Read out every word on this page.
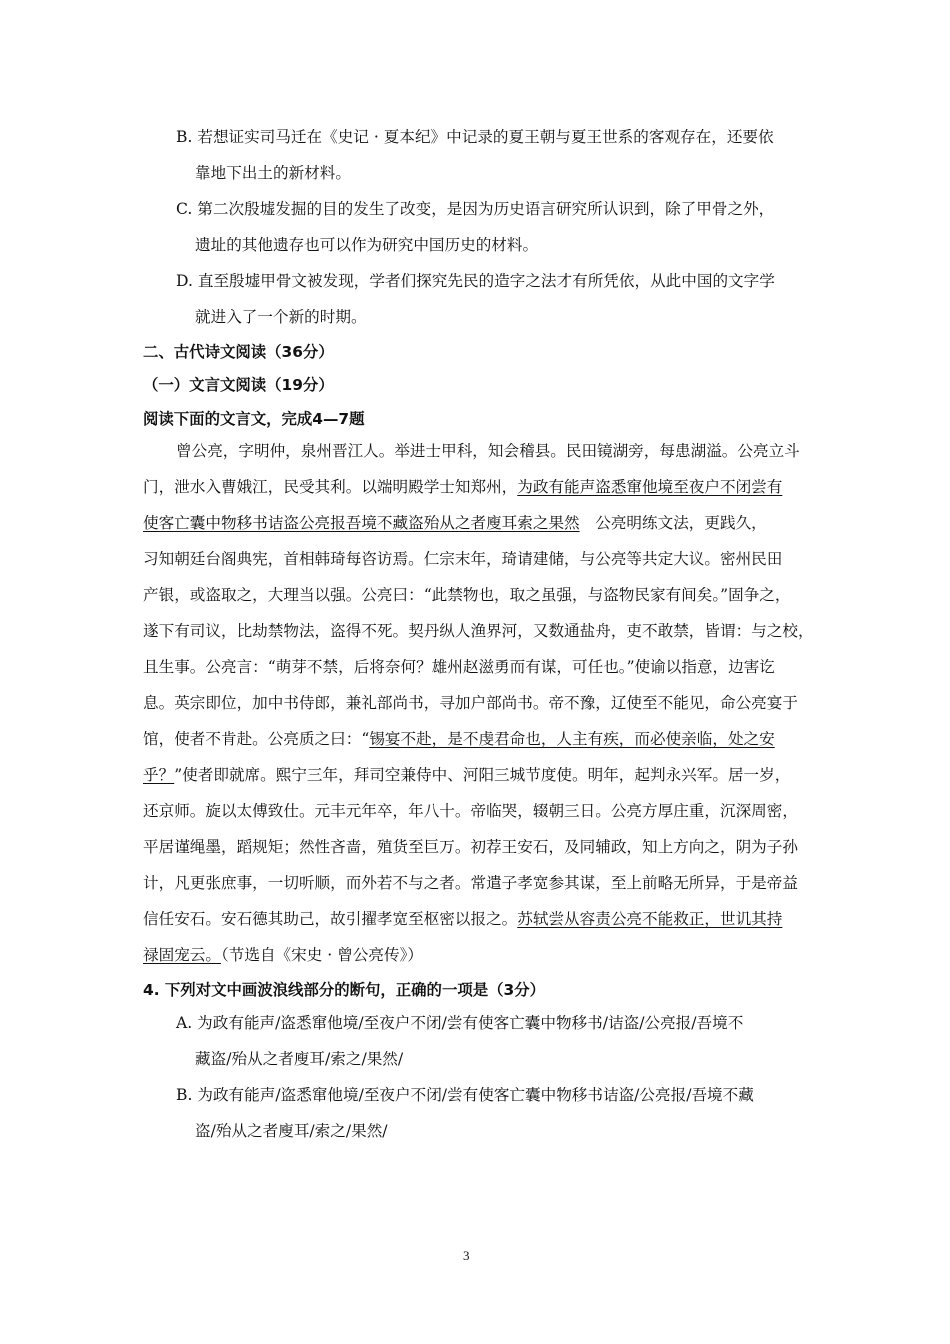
B. 若想证实司马迁在《史记 · 夏本纪》中记录的夏王朝与夏王世系的客观存在，还要依
靠地下出土的新材料。
C. 第二次殷墟发掘的目的发生了改变，是因为历史语言研究所认识到，除了甲骨之外，
遗址的其他遗存也可以作为研究中国历史的材料。
D. 直至殷墟甲骨文被发现，学者们探究先民的造字之法才有所凭依，从此中国的文字学
就进入了一个新的时期。
二、古代诗文阅读（36分）
（一）文言文阅读（19分）
阅读下面的文言文，完成4—7题
曾公亮，字明仲，泉州晋江人。举进士甲科，知会稽县。民田镜湖旁，每患湖溢。公亮立斗
门，泄水入曹娥江，民受其利。以端明殿学士知郑州，为政有能声盗悉窜他境至夜户不闭尝有
使客亡囊中物移书诘盗公亮报吾境不藏盗殆从之者廋耳索之果然　公亮明练文法，更践久，
习知朝廷台阁典宪，首相韩琦每咨访焉。仁宗末年，琦请建储，与公亮等共定大议。密州民田
产银，或盗取之，大理当以强。公亮曰：“此禁物也，取之虽强，与盗物民家有间矣。”固争之，
遂下有司议，比劫禁物法，盗得不死。契丹纵人渔界河，又数通盐舟，吏不敢禁，皆谓：与之校，
且生事。公亮言：“萌芽不禁，后将奈何？雄州赵滋勇而有谋，可任也。”使谕以指意，边害讫
息。英宗即位，加中书侍郎，兼礼部尚书，寻加户部尚书。帝不豫，辽使至不能见，命公亮宴于
馆，使者不肯赴。公亮质之曰：“锡宴不赴，是不虔君命也，人主有疾，而必使亲临，处之安
乎？”使者即就席。熙宁三年，拜司空兼侍中、河阳三城节度使。明年，起判永兴军。居一岁，
还京师。旋以太傅致仕。元丰元年卒，年八十。帝临哭，辍朝三日。公亮方厚庄重，沉深周密，
平居谨绳墨，蹈规矩；然性吝啬，殖货至巨万。初荐王安石，及同辅政，知上方向之，阴为子孙
计，凡更张庶事，一切听顺，而外若不与之者。常遣子孝宽参其谋，至上前略无所异，于是帝益
信任安石。安石德其助己，故引擢孝宽至枢密以报之。苏轼尝从容责公亮不能救正，世讥其持
禄固宠云。（节选自《宋史 · 曾公亮传》）
4. 下列对文中画波浪线部分的断句，正确的一项是（3分）
A. 为政有能声/盗悉窜他境/至夜户不闭/尝有使客亡囊中物移书/诘盗/公亮报/吾境不
藏盗/殆从之者廋耳/索之/果然/
B. 为政有能声/盗悉窜他境/至夜户不闭/尝有使客亡囊中物移书诘盗/公亮报/吾境不藏
盗/殆从之者廋耳/索之/果然/
3
